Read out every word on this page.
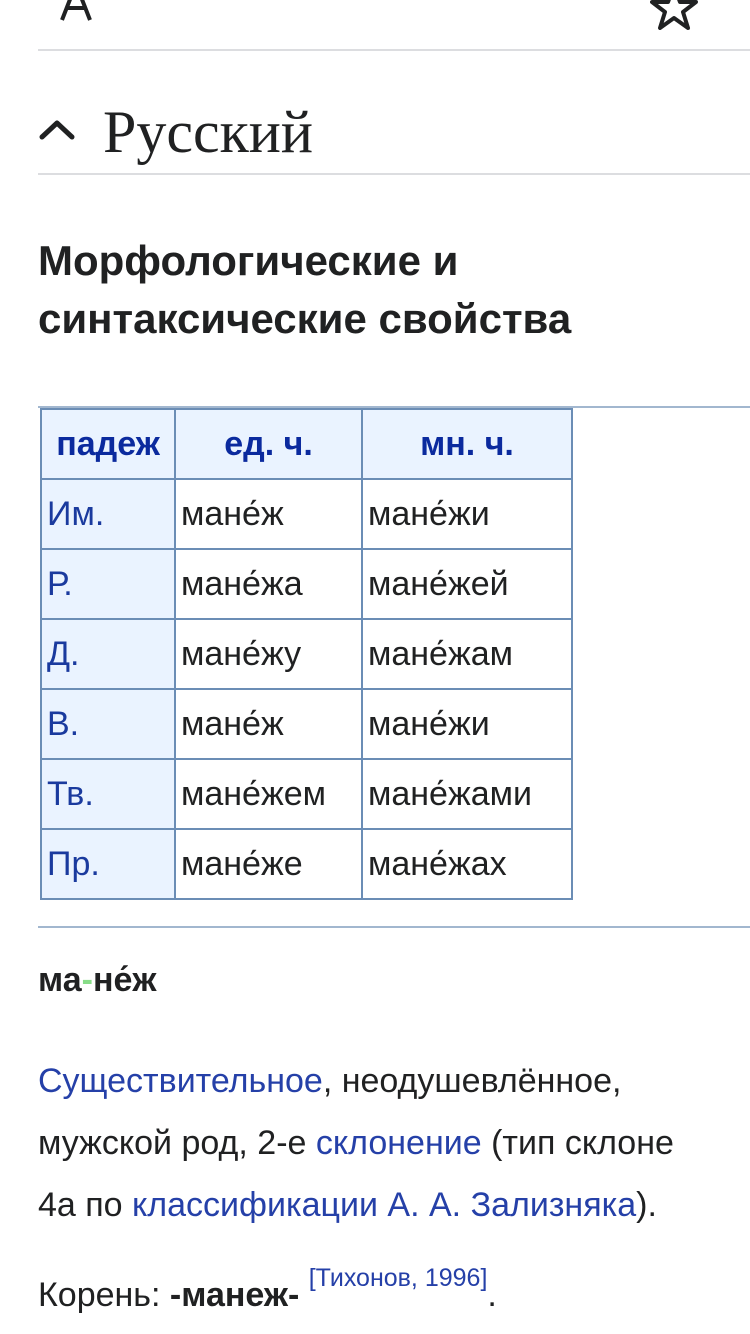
Русский
Морфологические и
синтаксические свойства
падеж	ед. ч.	мн. ч.
Им.	мане́ж	мане́жи
Р.	мане́жа	мане́жей
Д.	мане́жу	мане́жам
В.	мане́ж	мане́жи
Тв.	мане́жем	мане́жами
Пр.	мане́же	мане́жах
ма-не́ж
Существительное, неодушевлённое,
мужской род, 2-е склонение (тип склоне
4a по классификации А. А. Зализняка).
Корень: -манеж- [Тихонов, 1996].
